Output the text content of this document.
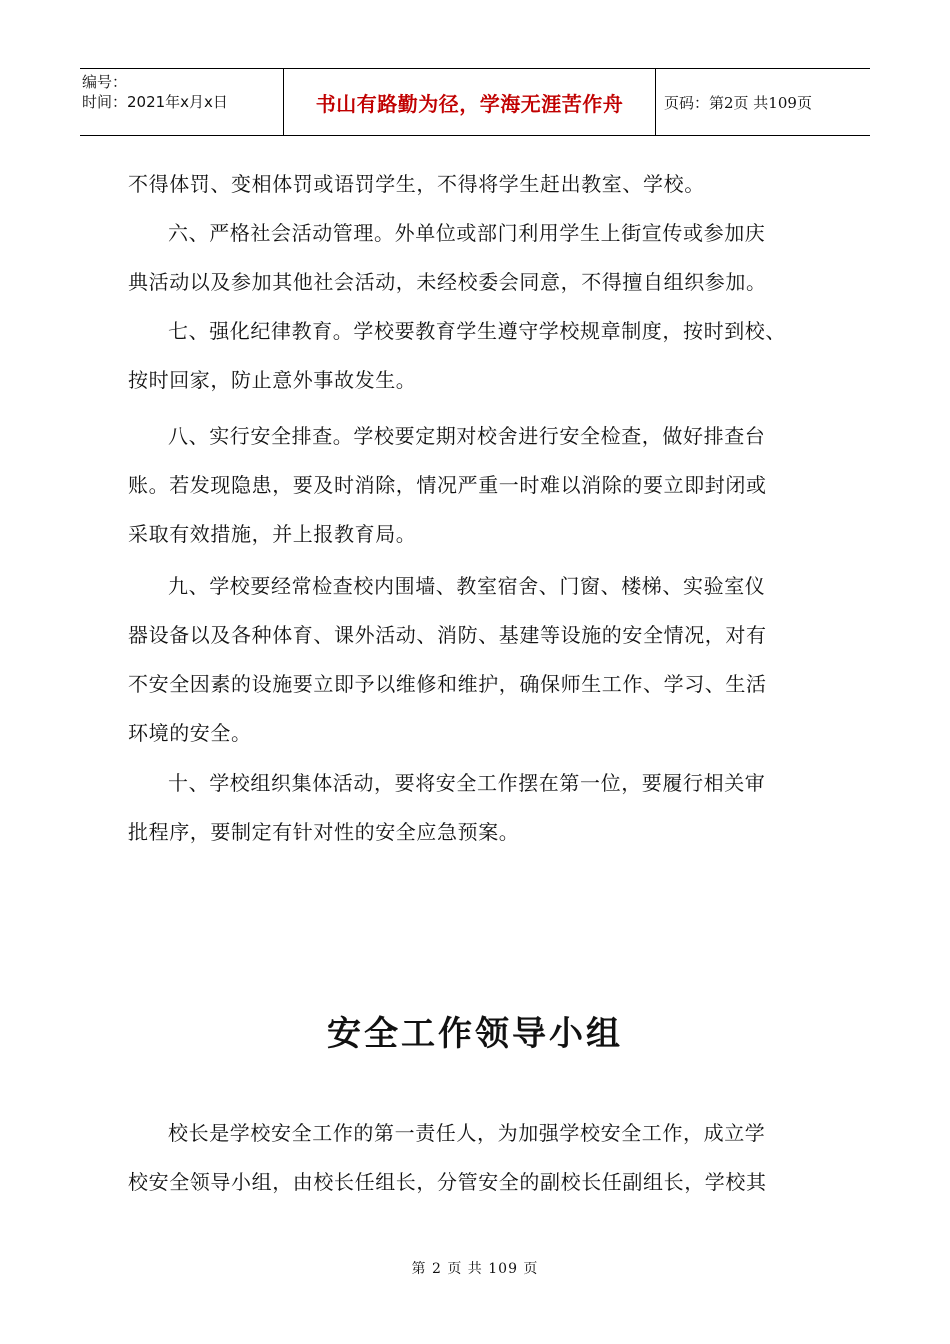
编号：
时间：2021年x月x日	书山有路勤为径，学海无涯苦作舟	页码：第2页 共109页

不得体罚、变相体罚或语罚学生，不得将学生赶出教室、学校。

六、严格社会活动管理。外单位或部门利用学生上街宣传或参加庆
典活动以及参加其他社会活动，未经校委会同意，不得擅自组织参加。

七、强化纪律教育。学校要教育学生遵守学校规章制度，按时到校、
按时回家，防止意外事故发生。

八、实行安全排查。学校要定期对校舍进行安全检查，做好排查台
账。若发现隐患，要及时消除，情况严重一时难以消除的要立即封闭或
采取有效措施，并上报教育局。

九、学校要经常检查校内围墙、教室宿舍、门窗、楼梯、实验室仪
器设备以及各种体育、课外活动、消防、基建等设施的安全情况，对有
不安全因素的设施要立即予以维修和维护，确保师生工作、学习、生活
环境的安全。

十、学校组织集体活动，要将安全工作摆在第一位，要履行相关审
批程序，要制定有针对性的安全应急预案。

安全工作领导小组

校长是学校安全工作的第一责任人，为加强学校安全工作，成立学
校安全领导小组，由校长任组长，分管安全的副校长任副组长，学校其

第 2 页 共 109 页
